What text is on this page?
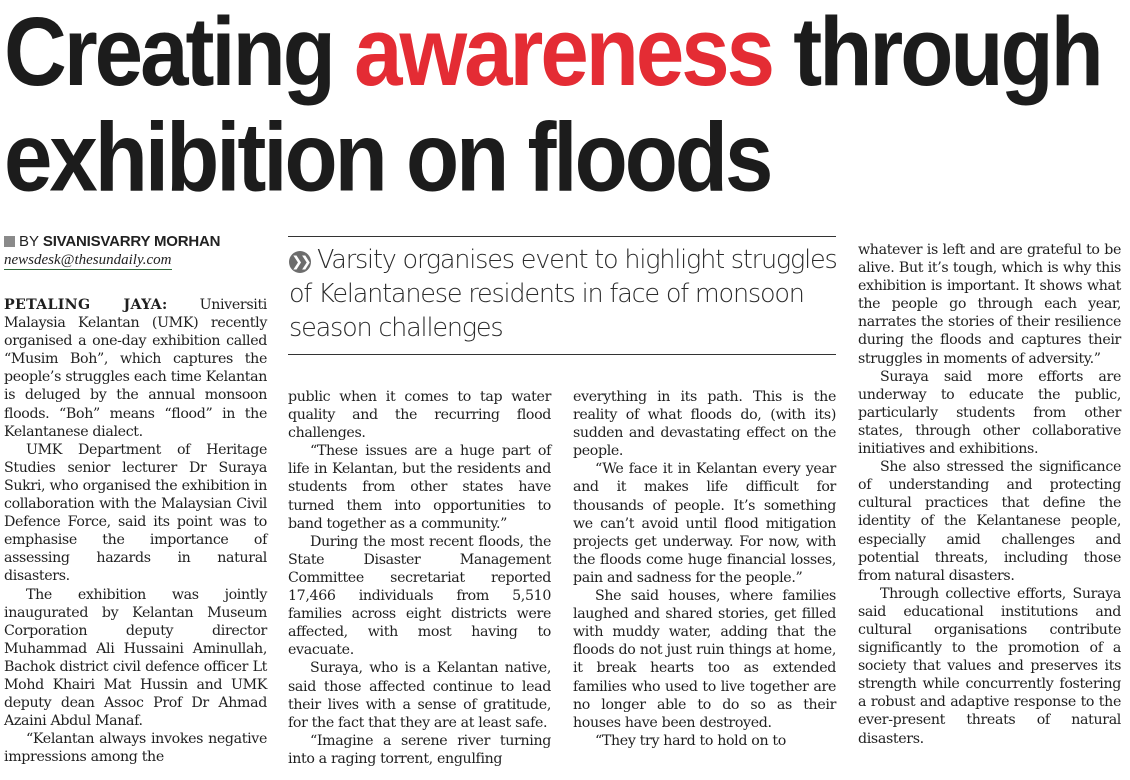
Creating awareness through
exhibition on floods
BY SIVANISVARRY MORHAN
newsdesk@thesundaily.com	❯❯ Varsity organises event to highlight struggles of Kelantanese residents in face of monsoon season challenges

PETALING JAYA: Universiti Malaysia Kelantan (UMK) recently organised a one-day exhibition called “Musim Boh”, which captures the people’s struggles each time Kelantan is deluged by the annual monsoon floods. “Boh” means “flood” in the Kelantanese dialect.

UMK Department of Heritage Studies senior lecturer Dr Suraya Sukri, who organised the exhibition in collaboration with the Malaysian Civil Defence Force, said its point was to emphasise the importance of assessing hazards in natural disasters.

The exhibition was jointly inaugurated by Kelantan Museum Corporation deputy director Muhammad Ali Hussaini Aminullah, Bachok district civil defence officer Lt Mohd Khairi Mat Hussin and UMK deputy dean Assoc Prof Dr Ahmad Azaini Abdul Manaf.

“Kelantan always invokes negative impressions among the

public when it comes to tap water quality and the recurring flood challenges.

“These issues are a huge part of life in Kelantan, but the residents and students from other states have turned them into opportunities to band together as a community.”

During the most recent floods, the State Disaster Management Committee secretariat reported 17,466 individuals from 5,510 families across eight districts were affected, with most having to evacuate.

Suraya, who is a Kelantan native, said those affected continue to lead their lives with a sense of gratitude, for the fact that they are at least safe.

“Imagine a serene river turning into a raging torrent, engulfing

everything in its path. This is the reality of what floods do, (with its) sudden and devastating effect on the people.

“We face it in Kelantan every year and it makes life difficult for thousands of people. It’s something we can’t avoid until flood mitigation projects get underway. For now, with the floods come huge financial losses, pain and sadness for the people.”

She said houses, where families laughed and shared stories, get filled with muddy water, adding that the floods do not just ruin things at home, it break hearts too as extended families who used to live together are no longer able to do so as their houses have been destroyed.

“They try hard to hold on to

whatever is left and are grateful to be alive. But it’s tough, which is why this exhibition is important. It shows what the people go through each year, narrates the stories of their resilience during the floods and captures their struggles in moments of adversity.”

Suraya said more efforts are underway to educate the public, particularly students from other states, through other collaborative initiatives and exhibitions.

She also stressed the significance of understanding and protecting cultural practices that define the identity of the Kelantanese people, especially amid challenges and potential threats, including those from natural disasters.

Through collective efforts, Suraya said educational institutions and cultural organisations contribute significantly to the promotion of a society that values and preserves its strength while concurrently fostering a robust and adaptive response to the ever-present threats of natural disasters.
